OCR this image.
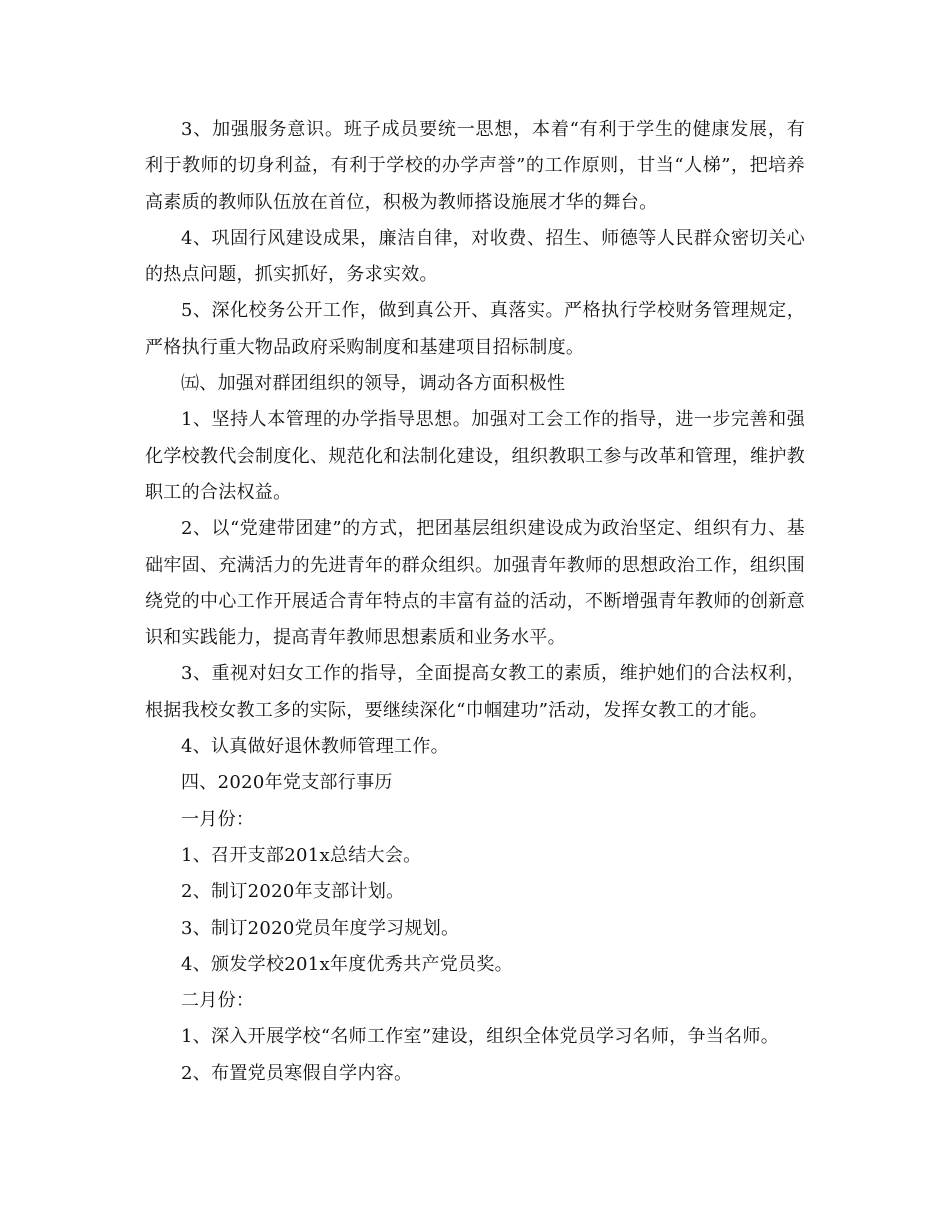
3、加强服务意识。班子成员要统一思想，本着“有利于学生的健康发展，有利于教师的切身利益，有利于学校的办学声誉”的工作原则，甘当“人梯”，把培养高素质的教师队伍放在首位，积极为教师搭设施展才华的舞台。

4、巩固行风建设成果，廉洁自律，对收费、招生、师德等人民群众密切关心的热点问题，抓实抓好，务求实效。

5、深化校务公开工作，做到真公开、真落实。严格执行学校财务管理规定，严格执行重大物品政府采购制度和基建项目招标制度。

㈤、加强对群团组织的领导，调动各方面积极性

1、坚持人本管理的办学指导思想。加强对工会工作的指导，进一步完善和强化学校教代会制度化、规范化和法制化建设，组织教职工参与改革和管理，维护教职工的合法权益。

2、以“党建带团建”的方式，把团基层组织建设成为政治坚定、组织有力、基础牢固、充满活力的先进青年的群众组织。加强青年教师的思想政治工作，组织围绕党的中心工作开展适合青年特点的丰富有益的活动，不断增强青年教师的创新意识和实践能力，提高青年教师思想素质和业务水平。

3、重视对妇女工作的指导，全面提高女教工的素质，维护她们的合法权利，根据我校女教工多的实际，要继续深化“巾帼建功”活动，发挥女教工的才能。

4、认真做好退休教师管理工作。

四、2020年党支部行事历

一月份：

1、召开支部201x总结大会。

2、制订2020年支部计划。

3、制订2020党员年度学习规划。

4、颁发学校201x年度优秀共产党员奖。

二月份：

1、深入开展学校“名师工作室”建设，组织全体党员学习名师，争当名师。

2、布置党员寒假自学内容。
